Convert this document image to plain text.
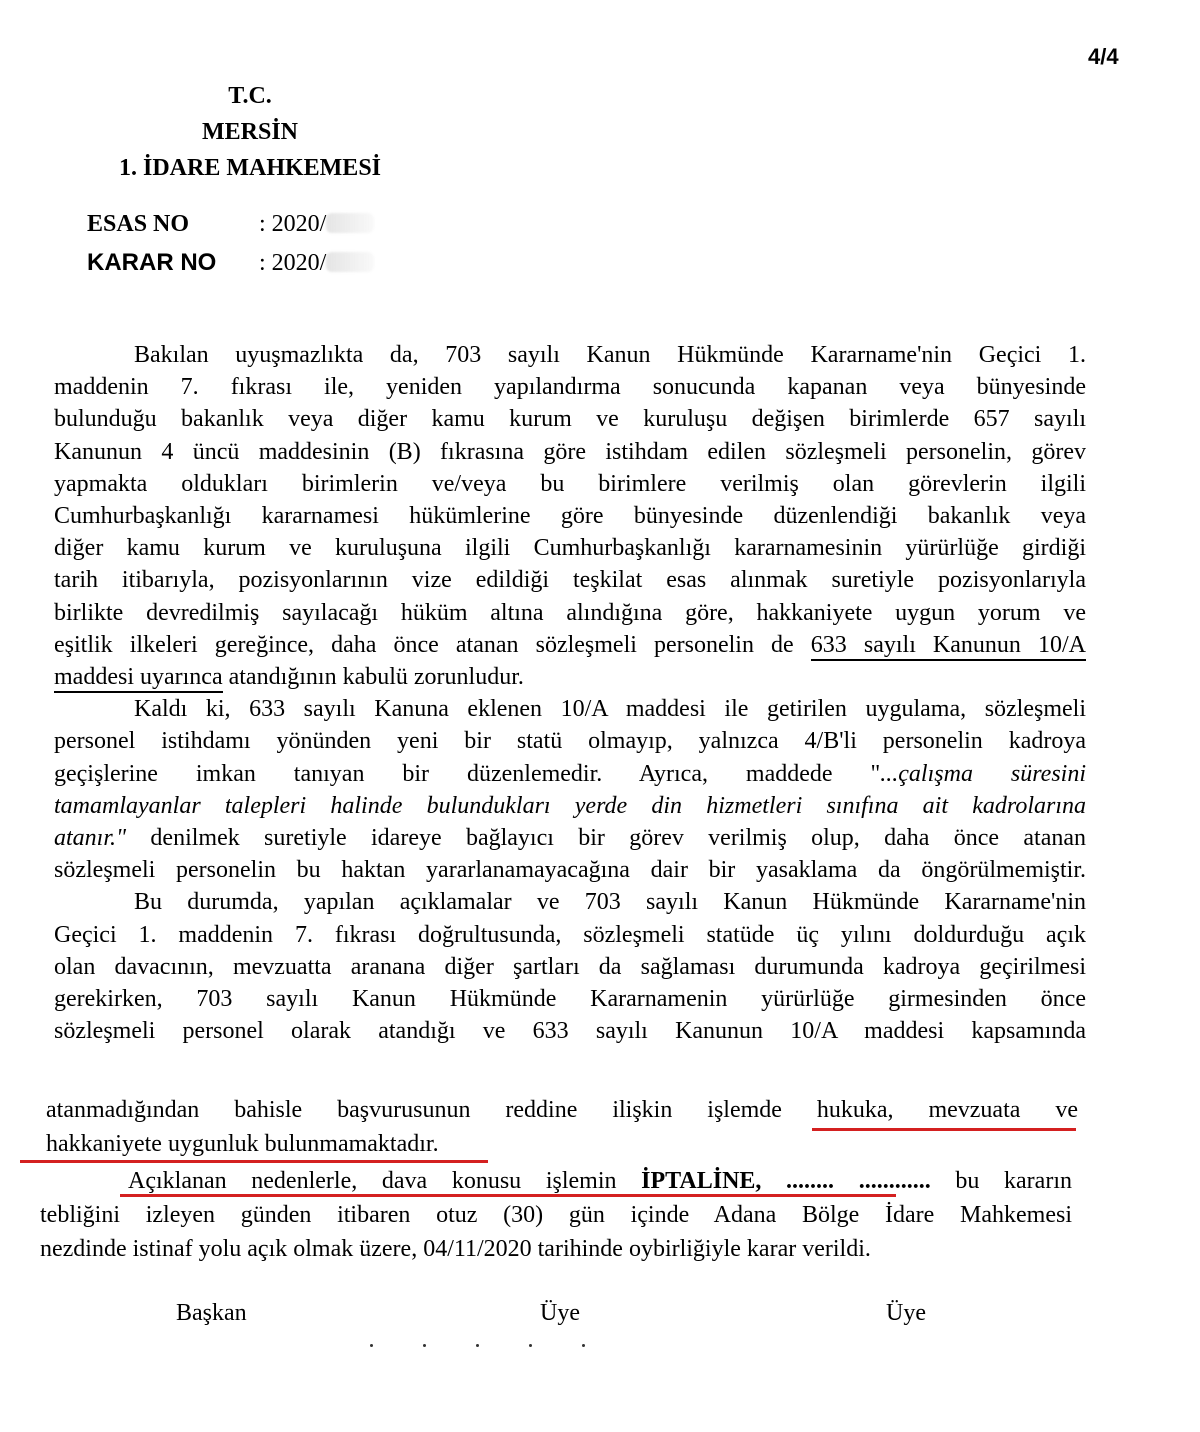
4/4
T.C.
MERSİN
1. İDARE MAHKEMESİ
ESAS NO	: 2020/
KARAR NO : 2020/
Bakılan uyuşmazlıkta da, 703 sayılı Kanun Hükmünde Kararname'nin Geçici 1.
maddenin 7. fıkrası ile, yeniden yapılandırma sonucunda kapanan veya bünyesinde
bulunduğu bakanlık veya diğer kamu kurum ve kuruluşu değişen birimlerde 657 sayılı
Kanunun 4 üncü maddesinin (B) fıkrasına göre istihdam edilen sözleşmeli personelin, görev
yapmakta oldukları birimlerin ve/veya bu birimlere verilmiş olan görevlerin ilgili
Cumhurbaşkanlığı kararnamesi hükümlerine göre bünyesinde düzenlendiği bakanlık veya
diğer kamu kurum ve kuruluşuna ilgili Cumhurbaşkanlığı kararnamesinin yürürlüğe girdiği
tarih itibarıyla, pozisyonlarının vize edildiği teşkilat esas alınmak suretiyle pozisyonlarıyla
birlikte devredilmiş sayılacağı hüküm altına alındığına göre, hakkaniyete uygun yorum ve
eşitlik ilkeleri gereğince, daha önce atanan sözleşmeli personelin de 633 sayılı Kanunun 10/A
maddesi uyarınca atandığının kabulü zorunludur.
Kaldı ki, 633 sayılı Kanuna eklenen 10/A maddesi ile getirilen uygulama, sözleşmeli
personel istihdamı yönünden yeni bir statü olmayıp, yalnızca 4/B'li personelin kadroya
geçişlerine imkan tanıyan bir düzenlemedir. Ayrıca, maddede "...çalışma süresini
tamamlayanlar talepleri halinde bulundukları yerde din hizmetleri sınıfına ait kadrolarına
atanır." denilmek suretiyle idareye bağlayıcı bir görev verilmiş olup, daha önce atanan
sözleşmeli personelin bu haktan yararlanamayacağına dair bir yasaklama da öngörülmemiştir.
Bu durumda, yapılan açıklamalar ve 703 sayılı Kanun Hükmünde Kararname'nin
Geçici 1. maddenin 7. fıkrası doğrultusunda, sözleşmeli statüde üç yılını doldurduğu açık
olan davacının, mevzuatta aranana diğer şartları da sağlaması durumunda kadroya geçirilmesi
gerekirken, 703 sayılı Kanun Hükmünde Kararnamenin yürürlüğe girmesinden önce
sözleşmeli personel olarak atandığı ve 633 sayılı Kanunun 10/A maddesi kapsamında
atanmadığından bahisle başvurusunun reddine ilişkin işlemde hukuka, mevzuata ve
hakkaniyete uygunluk bulunmamaktadır.
Açıklanan nedenlerle, dava konusu işlemin İPTALİNE, ........ ............ bu kararın
tebliğini izleyen günden itibaren otuz (30) gün içinde Adana Bölge İdare Mahkemesi
nezdinde istinaf yolu açık olmak üzere, 04/11/2020 tarihinde oybirliğiyle karar verildi.
Başkan	Üye	Üye
